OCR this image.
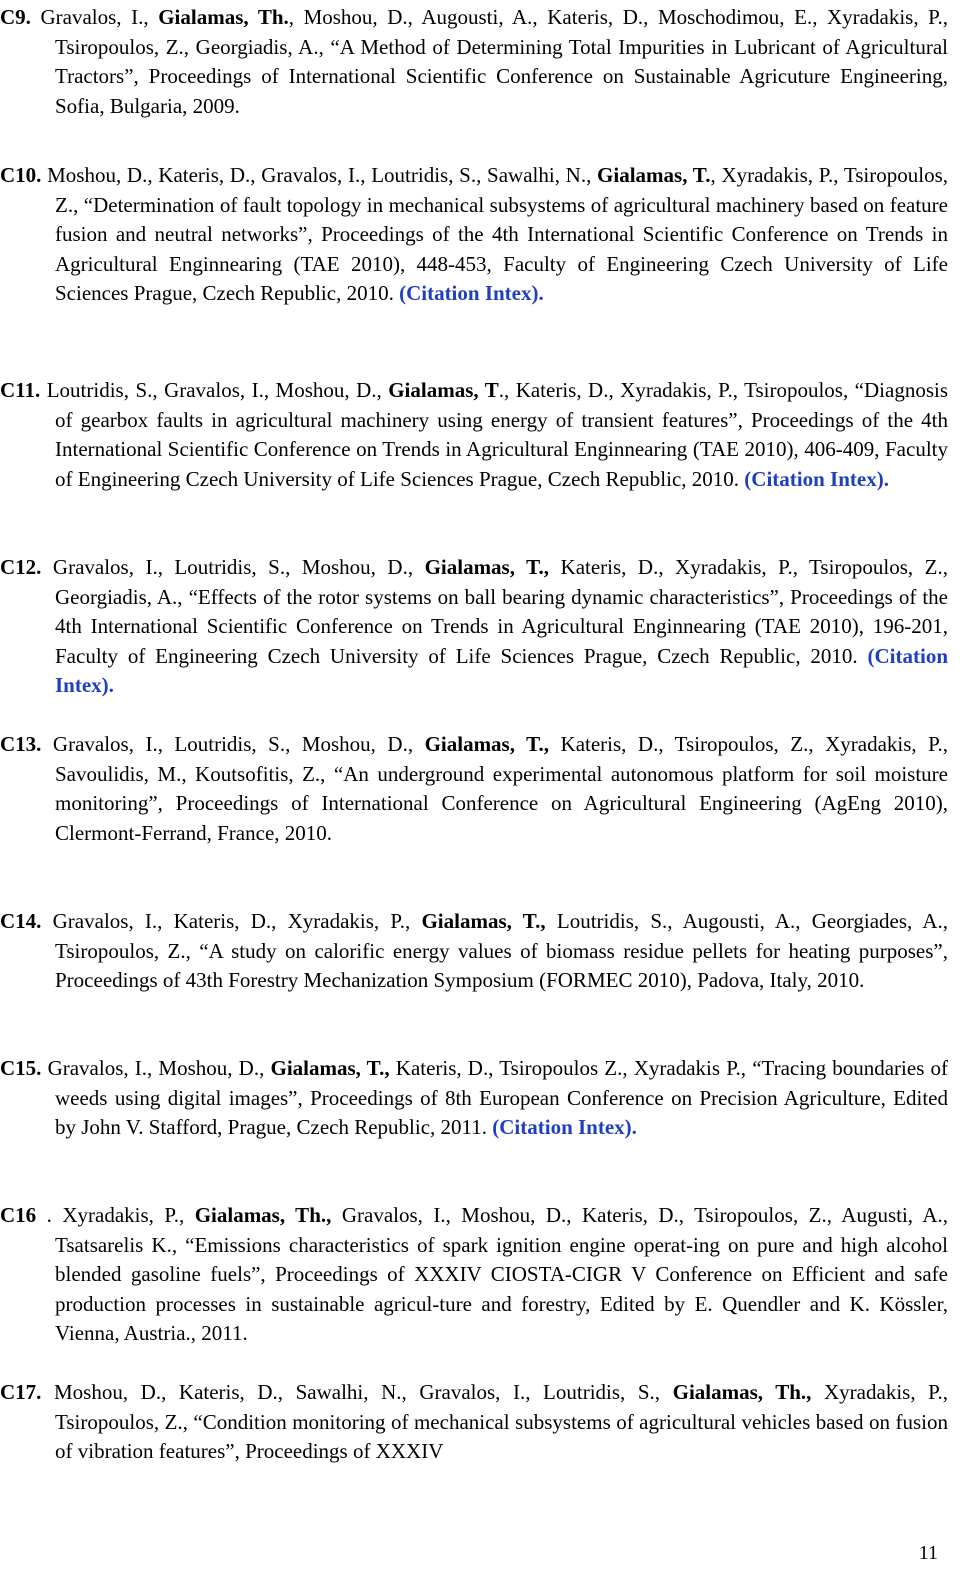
C9. Gravalos, I., Gialamas, Th., Moshou, D., Augousti, A., Kateris, D., Moschodimou, E., Xyradakis, P., Tsiropoulos, Z., Georgiadis, A., “A Method of Determining Total Impurities in Lubricant of Agricultural Tractors”, Proceedings of International Scientific Conference on Sustainable Agricuture Engineering, Sofia, Bulgaria, 2009.
C10. Moshou, D., Kateris, D., Gravalos, I., Loutridis, S., Sawalhi, N., Gialamas, T., Xyradakis, P., Tsiropoulos, Z., “Determination of fault topology in mechanical subsystems of agricultural machinery based on feature fusion and neutral networks”, Proceedings of the 4th International Scientific Conference on Trends in Agricultural Enginnearing (TAE 2010), 448-453, Faculty of Engineering Czech University of Life Sciences Prague, Czech Republic, 2010. (Citation Intex).
C11. Loutridis, S., Gravalos, I., Moshou, D., Gialamas, T., Kateris, D., Xyradakis, P., Tsiropoulos, “Diagnosis of gearbox faults in agricultural machinery using energy of transient features”, Proceedings of the 4th International Scientific Conference on Trends in Agricultural Enginnearing (TAE 2010), 406-409, Faculty of Engineering Czech University of Life Sciences Prague, Czech Republic, 2010. (Citation Intex).
C12. Gravalos, I., Loutridis, S., Moshou, D., Gialamas, T., Kateris, D., Xyradakis, P., Tsiropoulos, Z., Georgiadis, A., “Effects of the rotor systems on ball bearing dynamic characteristics”, Proceedings of the 4th International Scientific Conference on Trends in Agricultural Enginnearing (TAE 2010), 196-201, Faculty of Engineering Czech University of Life Sciences Prague, Czech Republic, 2010. (Citation Intex).
C13. Gravalos, I., Loutridis, S., Moshou, D., Gialamas, T., Kateris, D., Tsiropoulos, Z., Xyradakis, P., Savoulidis, M., Koutsofitis, Z., “An underground experimental autonomous platform for soil moisture monitoring”, Proceedings of International Conference on Agricultural Engineering (AgEng 2010), Clermont-Ferrand, France, 2010.
C14. Gravalos, I., Kateris, D., Xyradakis, P., Gialamas, T., Loutridis, S., Augousti, A., Georgiades, A., Tsiropoulos, Z., “A study on calorific energy values of biomass residue pellets for heating purposes”, Proceedings of 43th Forestry Mechanization Symposium (FORMEC 2010), Padova, Italy, 2010.
C15. Gravalos, I., Moshou, D., Gialamas, T., Kateris, D., Tsiropoulos Z., Xyradakis P., “Tracing boundaries of weeds using digital images”, Proceedings of 8th European Conference on Precision Agriculture, Edited by John V. Stafford, Prague, Czech Republic, 2011. (Citation Intex).
C16 . Xyradakis, P., Gialamas, Th., Gravalos, I., Moshou, D., Kateris, D., Tsiropoulos, Z., Augusti, A., Tsatsarelis K., “Emissions characteristics of spark ignition engine operat-ing on pure and high alcohol blended gasoline fuels”, Proceedings of XXXIV CIOSTA-CIGR V Conference on Efficient and safe production processes in sustainable agricul-ture and forestry, Edited by E. Quendler and K. Kössler, Vienna, Austria., 2011.
C17. Moshou, D., Kateris, D., Sawalhi, N., Gravalos, I., Loutridis, S., Gialamas, Th., Xyradakis, P., Tsiropoulos, Z., “Condition monitoring of mechanical subsystems of agricultural vehicles based on fusion of vibration features”, Proceedings of XXXIV
11
